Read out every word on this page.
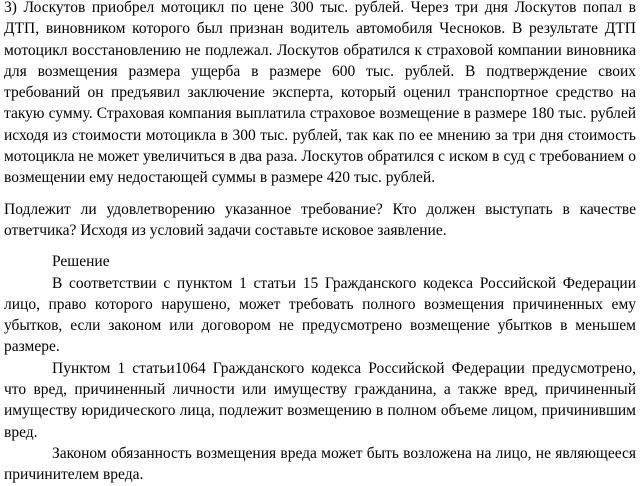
3) Лоскутов приобрел мотоцикл по цене 300 тыс. рублей. Через три дня Лоскутов попал в ДТП, виновником которого был признан водитель автомобиля Чесноков. В результате ДТП мотоцикл восстановлению не подлежал. Лоскутов обратился к страховой компании виновника для возмещения размера ущерба в размере 600 тыс. рублей. В подтверждение своих требований он предъявил заключение эксперта, который оценил транспортное средство на такую сумму. Страховая компания выплатила страховое возмещение в размере 180 тыс. рублей исходя из стоимости мотоцикла в 300 тыс. рублей, так как по ее мнению за три дня стоимость мотоцикла не может увеличиться в два раза. Лоскутов обратился с иском в суд с требованием о возмещении ему недостающей суммы в размере 420 тыс. рублей.

Подлежит ли удовлетворению указанное требование? Кто должен выступать в качестве ответчика? Исходя из условий задачи составьте исковое заявление.

Решение

В соответствии с пунктом 1 статьи 15 Гражданского кодекса Российской Федерации лицо, право которого нарушено, может требовать полного возмещения причиненных ему убытков, если законом или договором не предусмотрено возмещение убытков в меньшем размере.

Пунктом 1 статьи1064 Гражданского кодекса Российской Федерации предусмотрено, что вред, причиненный личности или имуществу гражданина, а также вред, причиненный имуществу юридического лица, подлежит возмещению в полном объеме лицом, причинившим вред.

Законом обязанность возмещения вреда может быть возложена на лицо, не являющееся причинителем вреда.
